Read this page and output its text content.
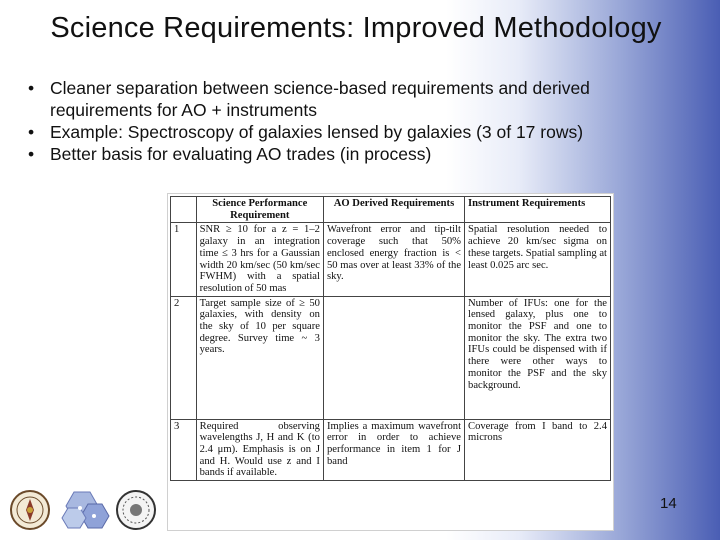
Science Requirements: Improved Methodology
• Cleaner separation between science-based requirements and derived requirements for AO + instruments
• Example: Spectroscopy of galaxies lensed by galaxies (3 of 17 rows)
• Better basis for evaluating AO trades (in process)
	Science Performance Requirement	AO Derived Requirements	Instrument Requirements
1	SNR ≥ 10 for a z = 1–2 galaxy in an integration time ≤ 3 hrs for a Gaussian width 20 km/sec (50 km/sec FWHM) with a spatial resolution of 50 mas	Wavefront error and tip-tilt coverage such that 50% enclosed energy fraction is < 50 mas over at least 33% of the sky.	Spatial resolution needed to achieve 20 km/sec sigma on these targets. Spatial sampling at least 0.025 arc sec.
2	Target sample size of ≥ 50 galaxies, with density on the sky of 10 per square degree. Survey time ~ 3 years.		Number of IFUs: one for the lensed galaxy, plus one to monitor the PSF and one to monitor the sky. The extra two IFUs could be dispensed with if there were other ways to monitor the PSF and the sky background.
3	Required observing wavelengths J, H and K (to 2.4 μm). Emphasis is on J and H. Would use z and I bands if available.	Implies a maximum wavefront error in order to achieve performance in item 1 for J band	Coverage from I band to 2.4 microns
14
